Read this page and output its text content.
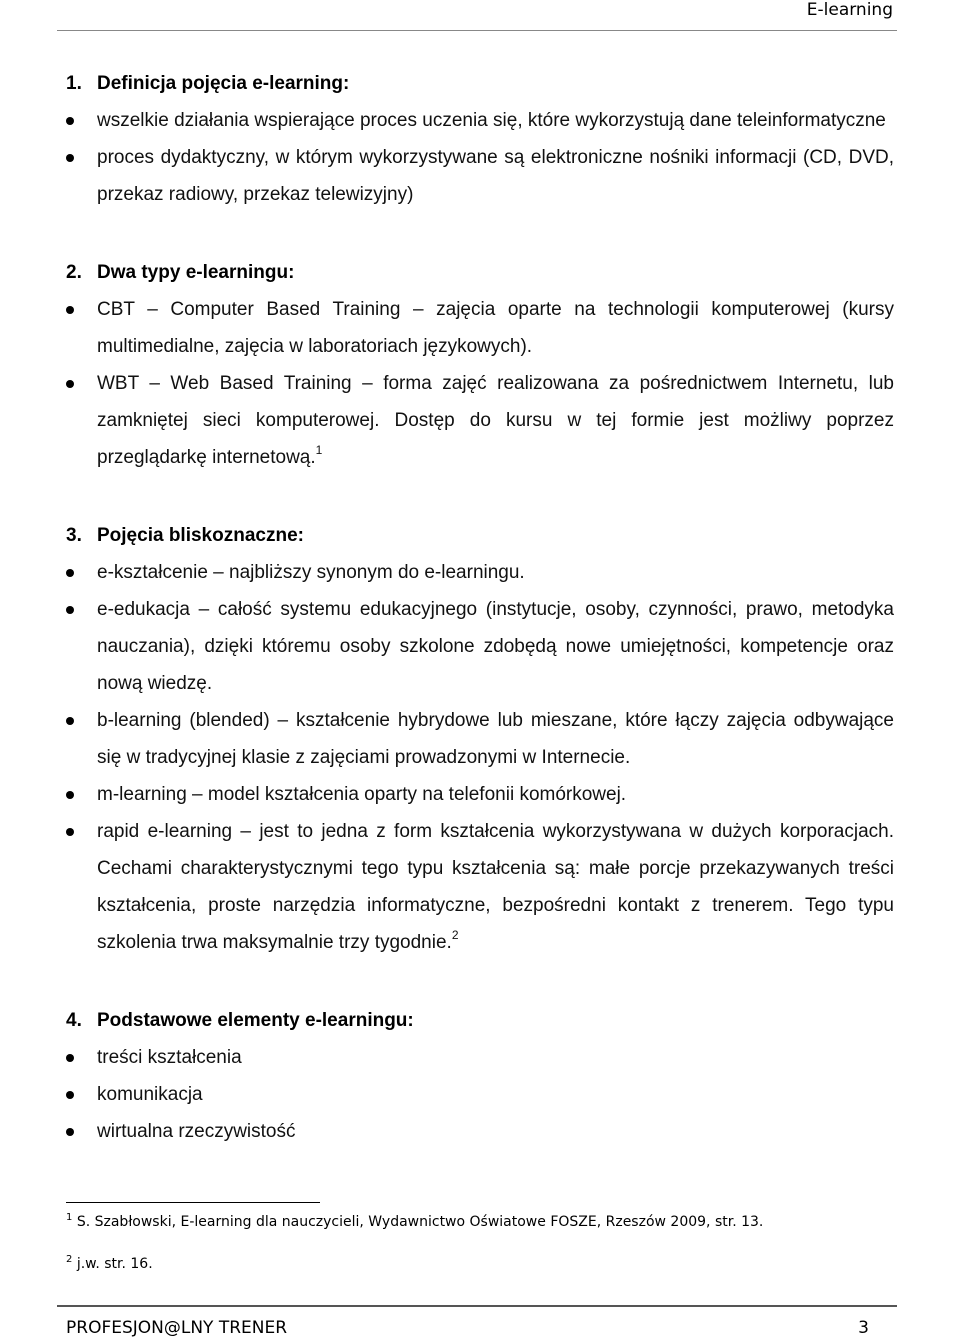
E-learning
1. Definicja pojęcia e-learning:
wszelkie działania wspierające proces uczenia się, które wykorzystują dane teleinformatyczne
proces dydaktyczny, w którym wykorzystywane są elektroniczne nośniki informacji (CD, DVD, przekaz radiowy, przekaz telewizyjny)
2. Dwa typy e-learningu:
CBT – Computer Based Training – zajęcia oparte na technologii komputerowej (kursy multimedialne, zajęcia w laboratoriach językowych).
WBT – Web Based Training – forma zajęć realizowana za pośrednictwem Internetu, lub zamkniętej sieci komputerowej. Dostęp do kursu w tej formie jest możliwy poprzez przeglądarkę internetową.$^1$
3. Pojęcia bliskoznaczne:
e-kształcenie – najbliższy synonym do e-learningu.
e-edukacja – całość systemu edukacyjnego (instytucje, osoby, czynności, prawo, metodyka nauczania), dzięki któremu osoby szkolone zdobędą nowe umiejętności, kompetencje oraz nową wiedzę.
b-learning (blended) – kształcenie hybrydowe lub mieszane, które łączy zajęcia odbywające się w tradycyjnej klasie z zajęciami prowadzonymi w Internecie.
m-learning – model kształcenia oparty na telefonii komórkowej.
rapid e-learning – jest to jedna z form kształcenia wykorzystywana w dużych korporacjach. Cechami charakterystycznymi tego typu kształcenia są: małe porcje przekazywanych treści kształcenia, proste narzędzia informatyczne, bezpośredni kontakt z trenerem. Tego typu szkolenia trwa maksymalnie trzy tygodnie.$^2$
4. Podstawowe elementy e-learningu:
treści kształcenia
komunikacja
wirtualna rzeczywistość
$^1$ S. Szabłowski, E-learning dla nauczycieli, Wydawnictwo Oświatowe FOSZE, Rzeszów 2009, str. 13.
$^2$ j.w. str. 16.
PROFESJON@LNY TRENER	3
